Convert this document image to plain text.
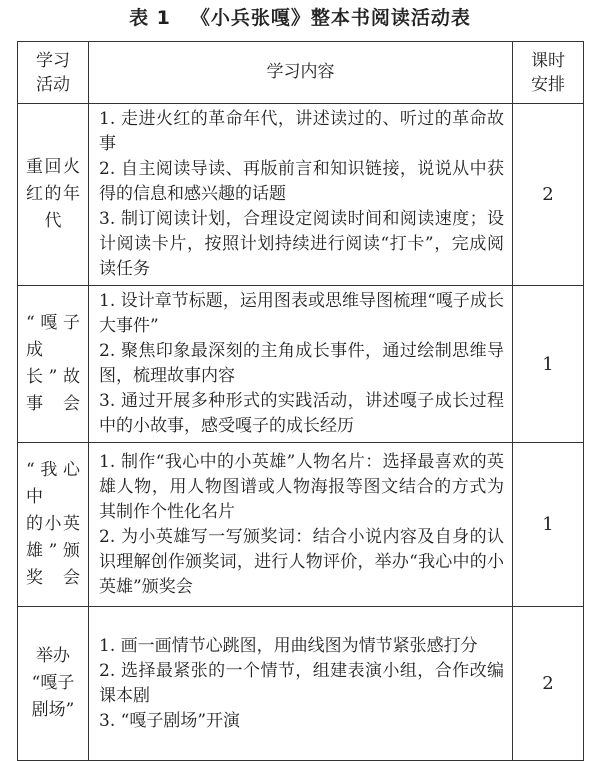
表 1 《小兵张嘎》整本书阅读活动表
学习
活动	学习内容	课时
安排

重回火
红的年
代	1. 走进火红的革命年代，讲述读过的、听过的革命故事
2. 自主阅读导读、再版前言和知识链接，说说从中获得的信息和感兴趣的话题
3. 制订阅读计划，合理设定阅读时间和阅读速度；设计阅读卡片，按照计划持续进行阅读“打卡”，完成阅读任务	2

“嘎子成
长”故
事会	1. 设计章节标题，运用图表或思维导图梳理“嘎子成长大事件”
2. 聚焦印象最深刻的主角成长事件，通过绘制思维导图，梳理故事内容
3. 通过开展多种形式的实践活动，讲述嘎子成长过程中的小故事，感受嘎子的成长经历	1

“我心中
的小英
雄”颁
奖会	1. 制作“我心中的小英雄”人物名片：选择最喜欢的英雄人物，用人物图谱或人物海报等图文结合的方式为其制作个性化名片
2. 为小英雄写一写颁奖词：结合小说内容及自身的认识理解创作颁奖词，进行人物评价，举办“我心中的小英雄”颁奖会	1

举办
“嘎子
剧场”	1. 画一画情节心跳图，用曲线图为情节紧张感打分
2. 选择最紧张的一个情节，组建表演小组，合作改编课本剧
3. “嘎子剧场”开演	2
